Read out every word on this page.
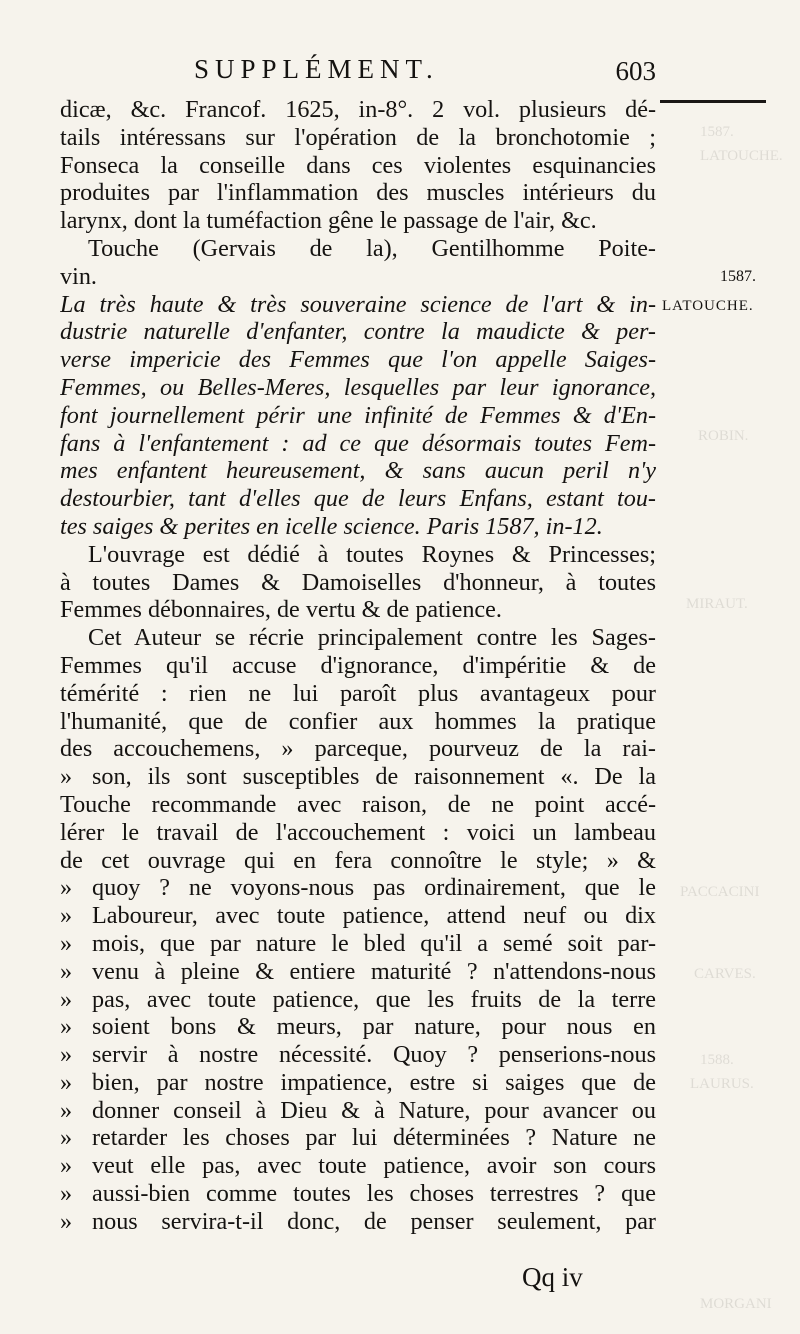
1587.
LATOUCHE.
ROBIN.
MIRAUT.
PACCACINI
CARVES.
1588.
LAURUS.
MORGANI
SUPPLÉMENT.	603
1587.
LATOUCHE.
dicæ, &c. Francof. 1625, in-8°. 2 vol. plusieurs dé-
tails intéressans sur l'opération de la bronchotomie ;
Fonseca la conseille dans ces violentes esquinancies
produites par l'inflammation des muscles intérieurs du
larynx, dont la tuméfaction gêne le passage de l'air, &c.
Touche (Gervais de la), Gentilhomme Poite-
vin.
La très haute & très souveraine science de l'art & in-
dustrie naturelle d'enfanter, contre la maudicte & per-
verse impericie des Femmes que l'on appelle Saiges-
Femmes, ou Belles-Meres, lesquelles par leur ignorance,
font journellement périr une infinité de Femmes & d'En-
fans à l'enfantement : ad ce que désormais toutes Fem-
mes enfantent heureusement, & sans aucun peril n'y
destourbier, tant d'elles que de leurs Enfans, estant tou-
tes saiges & perites en icelle science. Paris 1587, in-12.
L'ouvrage est dédié à toutes Roynes & Princesses;
à toutes Dames & Damoiselles d'honneur, à toutes
Femmes débonnaires, de vertu & de patience.
Cet Auteur se récrie principalement contre les Sages-
Femmes qu'il accuse d'ignorance, d'impéritie & de
témérité : rien ne lui paroît plus avantageux pour
l'humanité, que de confier aux hommes la pratique
des accouchemens, » parceque, pourveuz de la rai-
» son, ils sont susceptibles de raisonnement «. De la
Touche recommande avec raison, de ne point accé-
lérer le travail de l'accouchement : voici un lambeau
de cet ouvrage qui en fera connoître le style; » &
» quoy ? ne voyons-nous pas ordinairement, que le
» Laboureur, avec toute patience, attend neuf ou dix
» mois, que par nature le bled qu'il a semé soit par-
» venu à pleine & entiere maturité ? n'attendons-nous
» pas, avec toute patience, que les fruits de la terre
» soient bons & meurs, par nature, pour nous en
» servir à nostre nécessité. Quoy ? penserions-nous
» bien, par nostre impatience, estre si saiges que de
» donner conseil à Dieu & à Nature, pour avancer ou
» retarder les choses par lui déterminées ? Nature ne
» veut elle pas, avec toute patience, avoir son cours
» aussi-bien comme toutes les choses terrestres ? que
» nous servira-t-il donc, de penser seulement, par
Qq iv
